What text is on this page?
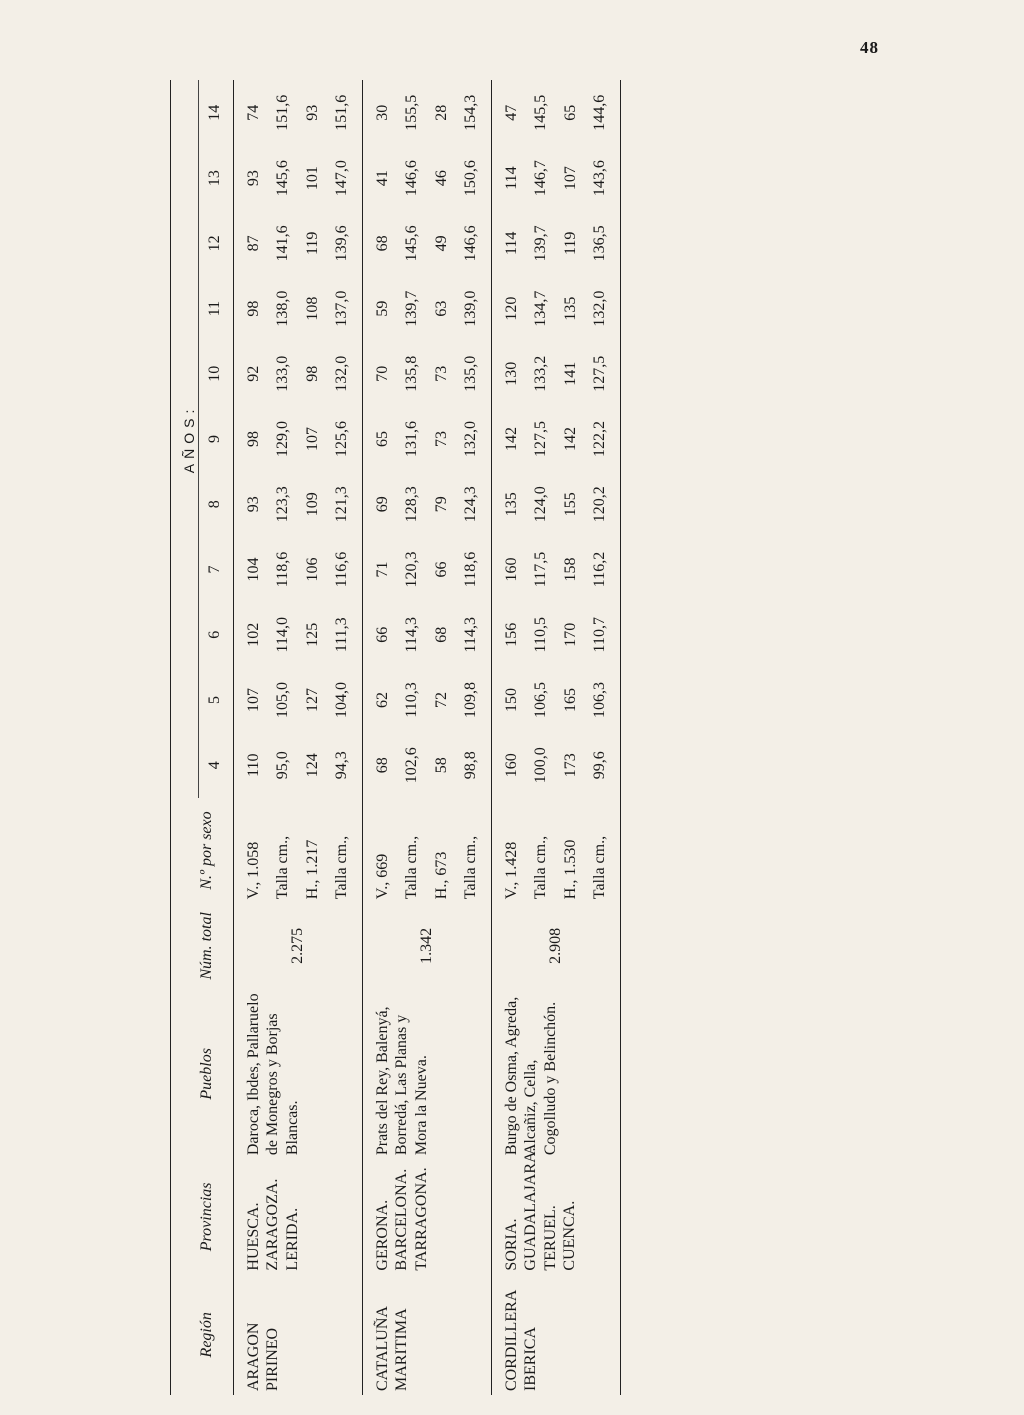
48
Región	Provincias	Pueblos	Núm. total	N.º por sexo	AÑOS:										
					4	5	6	7	8	9	10	11	12	13	14
ARAGON PIRINEO	HUESCA. ZARAGOZA. LERIDA.	Daroca, Ibdes, Pallaruelo de Monegros y Borjas Blancas.	2.275	V., 1.058	110	107	102	104	93	98	92	98	87	93	74
				Talla cm.,	95,0	105,0	114,0	118,6	123,3	129,0	133,0	138,0	141,6	145,6	151,6
				H., 1.217	124	127	125	106	109	107	98	108	119	101	93
				Talla cm.,	94,3	104,0	111,3	116,6	121,3	125,6	132,0	137,0	139,6	147,0	151,6
CATALUÑA MARITIMA	GERONA. BARCELONA. TARRAGONA.	Prats del Rey, Balenyá, Borredá, Las Planas y Mora la Nueva.	1.342	V., 669	68	62	66	71	69	65	70	59	68	41	30
				Talla cm.,	102,6	110,3	114,3	120,3	128,3	131,6	135,8	139,7	145,6	146,6	155,5
				H., 673	58	72	68	66	79	73	73	63	49	46	28
				Talla cm.,	98,8	109,8	114,3	118,6	124,3	132,0	135,0	139,0	146,6	150,6	154,3
CORDILLERA IBERICA	SORIA. GUADALAJARA. TERUEL. CUENCA.	Burgo de Osma, Agreda, Alcañiz, Cella, Cogolludo y Belinchón.	2.908	V., 1.428	160	150	156	160	135	142	130	120	114	114	47
				Talla cm.,	100,0	106,5	110,5	117,5	124,0	127,5	133,2	134,7	139,7	146,7	145,5
				H., 1.530	173	165	170	158	155	142	141	135	119	107	65
				Talla cm.,	99,6	106,3	110,7	116,2	120,2	122,2	127,5	132,0	136,5	143,6	144,6
